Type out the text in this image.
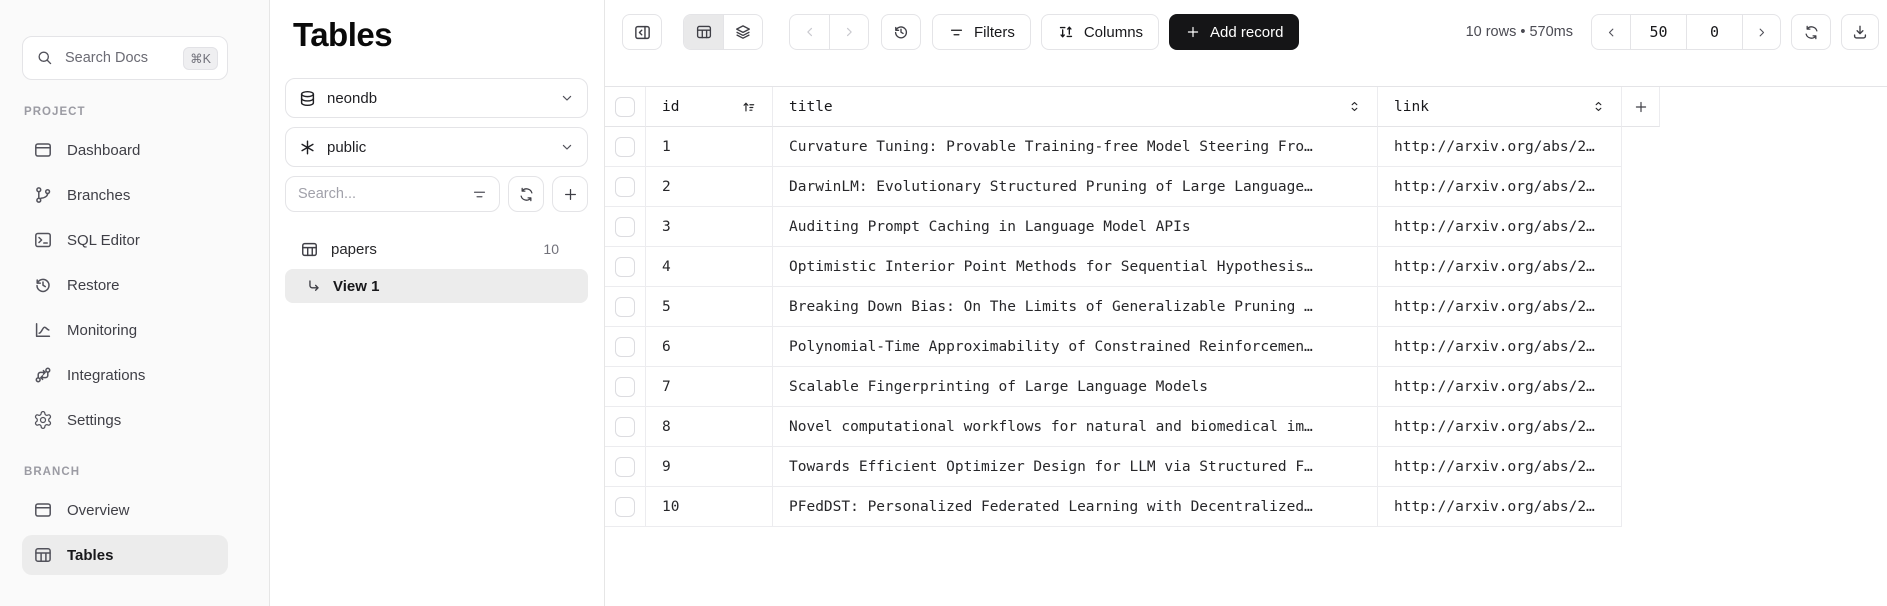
Search Docs	⌘K
PROJECT
Dashboard
Branches
SQL Editor
Restore
Monitoring
Integrations
Settings
BRANCH
Overview
Tables
Tables
neondb
public
Search...
papers	10
View 1
Filters	Columns	Add record	10 rows • 570ms	50	0
id	title	link
1	Curvature Tuning: Provable Training-free Model Steering Fro…	http://arxiv.org/abs/2…
2	DarwinLM: Evolutionary Structured Pruning of Large Language…	http://arxiv.org/abs/2…
3	Auditing Prompt Caching in Language Model APIs	http://arxiv.org/abs/2…
4	Optimistic Interior Point Methods for Sequential Hypothesis…	http://arxiv.org/abs/2…
5	Breaking Down Bias: On The Limits of Generalizable Pruning …	http://arxiv.org/abs/2…
6	Polynomial-Time Approximability of Constrained Reinforcemen…	http://arxiv.org/abs/2…
7	Scalable Fingerprinting of Large Language Models	http://arxiv.org/abs/2…
8	Novel computational workflows for natural and biomedical im…	http://arxiv.org/abs/2…
9	Towards Efficient Optimizer Design for LLM via Structured F…	http://arxiv.org/abs/2…
10	PFedDST: Personalized Federated Learning with Decentralized…	http://arxiv.org/abs/2…
